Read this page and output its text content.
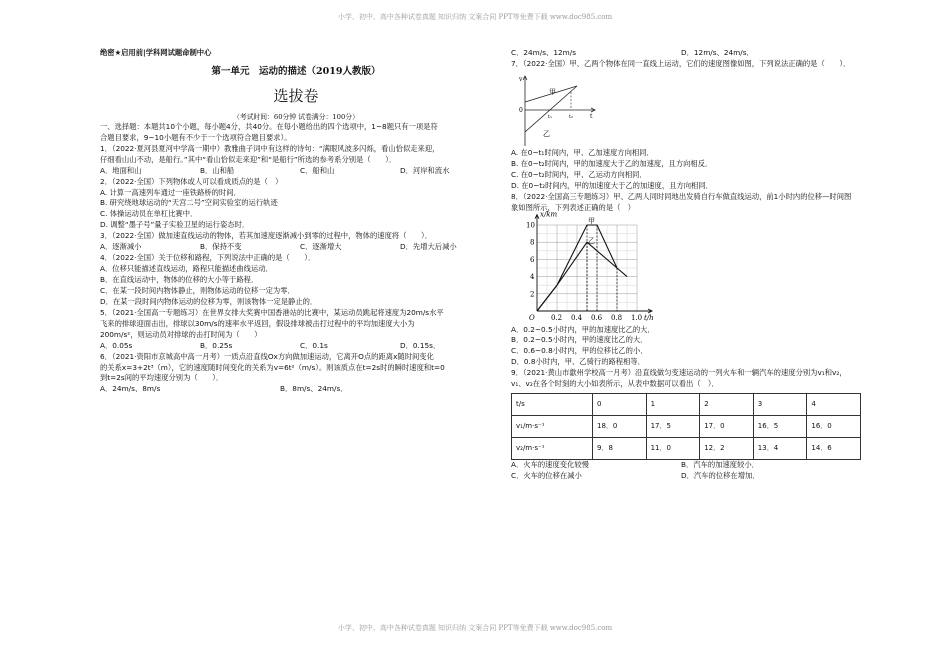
小学、初中、高中各种试卷真题 知识归纳 文案合同 PPT等免费下载 www.doc985.com
小学、初中、高中各种试卷真题 知识归纳 文案合同 PPT等免费下载 www.doc985.com
绝密★启用前|学科网试题命制中心
第一单元　运动的描述（2019人教版）
选拔卷
（考试时间：60分钟 试卷满分：100分）
一、选择题：本题共10个小题，每小题4分，共40分。在每小题给出的四个选项中，1~8题只有一项是符
合题目要求，9~10小题有不少于一个选项符合题目要求）。
1．（2022·夏河县夏河中学高一期中）教雅曲子词中有这样的诗句：“满眼风波多闪烁，看山恰似走来迎，
仔细看山山不动，是船行。”其中“看山恰似走来迎”和“是船行”所选的参考系分别是（　　）．
A．地面和山	B．山和船	C．船和山	D．河岸和流水
2．（2022·全国）下列物体或人可以看成质点的是（　）
A. 计算一高速列车通过一座铁路桥的时间．
B. 研究绕地球运动的“天宫二号”空间实验室的运行轨迹
C. 体操运动员在单杠比赛中．
D. 调整“墨子号”量子实验卫星的运行姿态时．
3．（2022·全国）做加速直线运动的物体，若其加速度逐渐减小到零的过程中，物体的速度将（　　）．
A．逐渐减小	B．保持不变	C．逐渐增大	D．先增大后减小
4．（2022·全国）关于位移和路程，下列说法中正确的是（　　）．
A．位移只能描述直线运动，路程只能描述曲线运动．
B．在直线运动中，物体的位移的大小等于路程．
C．在某一段时间内物体静止，则物体运动的位移一定为零．
D．在某一段时间内物体运动的位移为零，则该物体一定是静止的．
5．（2021·全国高一专题练习）在世界女排大奖赛中国香港站的比赛中，某运动员跳起将速度为20m/s水平
飞来的排球迎面击出，排球以30m/s的速率水平返回，假设排球被击打过程中的平均加速度大小为
200m/s²，则运动员对排球的击打时间为（　　）
A．0.05s	B．0.25s	C．0.1s	D．0.15s．
6．（2021·资阳市京城高中高一月考）一质点沿直线Ox方向做加速运动，它离开O点的距离x随时间变化
的关系x=3+2t³（m），它的速度随时间变化的关系为v=6t²（m/s）。则该质点在t=2s时的瞬时速度和t=0
到t=2s间的平均速度分别为（　　）．
A．24m/s、8m/s	B．8m/s、24m/s．
C．24m/s、12m/s	D．12m/s、24m/s．
7．（2022·全国）甲、乙两个物体在同一直线上运动，它们的速度图像如图，下列说法正确的是（　　）．
v
0
t
t₁	t₂
甲
乙
A. 在0~t₁时间内，甲、乙加速度方向相同．
B. 在0~t₂时间内，甲的加速度大于乙的加速度，且方向相反．
C. 在0~t₂时间内，甲、乙运动方向相同．
D. 在0~t₂时间内，甲的加速度大于乙的加速度，且方向相同．
8．（2022·全国高三专题练习）甲、乙两人同时同地出发骑自行车做直线运动，前1小时内的位移—时间图
象如图所示，下列表述正确的是（　）
甲
乙
0.2 0.4 0.6 0.8 1.0
2
4
6
8
10
O
x/km
t/h
A．0.2~0.5小时内，甲的加速度比乙的大．
B．0.2~0.5小时内，甲的速度比乙的大．
C．0.6~0.8小时内，甲的位移比乙的小．
D．0.8小时内，甲、乙骑行的路程相等．
9．（2021·黄山市歙州学校高一月考）沿直线做匀变速运动的一列火车和一辆汽车的速度分别为v₁和v₂，
v₁、v₂在各个时刻的大小如表所示，从表中数据可以看出（　）．
t/s	0	1	2	3	4
v₁/m·s⁻¹	18．0	17．5	17．0	16．5	16．0
v₂/m·s⁻¹	9．8	11．0	12．2	13．4	14．6
A．火车的速度变化较慢	B．汽车的加速度较小．
C．火车的位移在减小	D．汽车的位移在增加．
